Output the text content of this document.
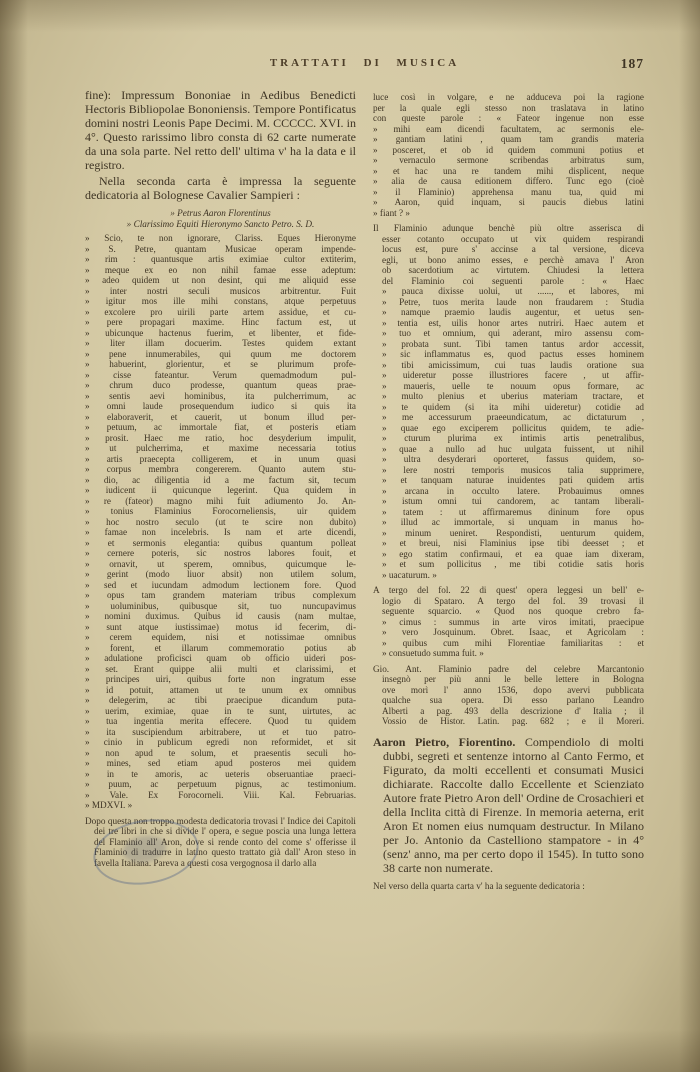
TRATTATI DI MUSICA	187

fine): Impressum Bononiae in Aedibus Benedicti Hectoris Bibliopolae Bononiensis. Tempore Pontificatus domini nostri Leonis Pape Decimi. M. CCCCC. XVI. in 4°. Questo rarissimo libro consta di 62 carte numerate da una sola parte. Nel retto dell' ultima v' ha la data e il registro.

Nella seconda carta è impressa la seguente dedicatoria al Bolognese Cavalier Sampieri :

» Petrus Aaron Florentinus
» Clarissimo Equiti Hieronymo Sancto Petro. S. D.
» Scio, te non ignorare, Clariss. Eques Hieronyme
» S. Petre, quantam Musicae operam impende-
» rim : quantusque artis eximiae cultor extiterim,
» meque ex eo non nihil famae esse adeptum:
» adeo quidem ut non desint, qui me aliquid esse
» inter nostri seculi musicos arbitrentur. Fuit
» igitur mos ille mihi constans, atque perpetuus
» excolere pro uirili parte artem assidue, et cu-
» pere propagari maxime. Hinc factum est, ut
» ubicunque hactenus fuerim, et libenter, et fide-
» liter illam docuerim. Testes quidem extant
» pene innumerabiles, qui quum me doctorem
» habuerint, glorientur, et se plurimum profe-
» cisse fateantur. Verum quemadmodum pul-
» chrum duco prodesse, quantum queas prae-
» sentis aevi hominibus, ita pulcherrimum, ac
» omni laude prosequendum iudico si quis ita
» elaboraverit, et cauerit, ut bonum illud per-
» petuum, ac immortale fiat, et posteris etiam
» prosit. Haec me ratio, hoc desyderium impulit,
» ut pulcherrima, et maxime necessaria totius
» artis praecepta colligerem, et in unum quasi
» corpus membra congererem. Quanto autem stu-
» dio, ac diligentia id a me factum sit, tecum
» iudicent ii quicunque legerint. Qua quidem in
» re (fateor) magno mihi fuit adiumento Jo. An-
» tonius Flaminius Forocorneliensis, uir quidem
» hoc nostro seculo (ut te scire non dubito)
» famae non incelebris. Is nam et arte dicendi,
» et sermonis elegantia: quibus quantum polleat
» cernere poteris, sic nostros labores fouit, et
» ornavit, ut sperem, omnibus, quicumque le-
» gerint (modo liuor absit) non utilem solum,
» sed et iucundam admodum lectionem fore. Quod
» opus tam grandem materiam tribus complexum
» uoluminibus, quibusque sit, tuo nuncupavimus
» nomini duximus. Quibus id causis (nam multae,
» sunt atque iustissimae) motus id fecerim, di-
» cerem equidem, nisi et notissimae omnibus
» forent, et illarum commemoratio potius ab
» adulatione proficisci quam ob officio uideri pos-
» set. Erant quippe alii multi et clarissimi, et
» principes uiri, quibus forte non ingratum esse
» id potuit, attamen ut te unum ex omnibus
» delegerim, ac tibi praecipue dicandum puta-
» uerim, eximiae, quae in te sunt, uirtutes, ac
» tua ingentia merita effecere. Quod tu quidem
» ita suscipiendum arbitrabere, ut et tuo patro-
» cinio in publicum egredi non reformidet, et sit
» non apud te solum, et praesentis seculi ho-
» mines, sed etiam apud posteros mei quidem
» in te amoris, ac ueteris obseruantiae praeci-
» puum, ac perpetuum pignus, ac testimonium.
» Vale. Ex Forocorneli. Viii. Kal. Februarias.
» MDXVI. »

Dopo questa non troppo modesta dedicatoria trovasi l' Indice dei Capitoli dei tre libri in che si divide l' opera, e segue poscia una lunga lettera del Flaminio all' Aron, dove si rende conto del come s' offerisse il Flaminio di tradurre in latino questo trattato già dall' Aron steso in favella Italiana. Pareva a questi cosa vergognosa il darlo alla

luce così in volgare, e ne adduceva poi la ragione
per la quale egli stesso non traslatava in latino
con queste parole : « Fateor ingenue non esse
» mihi eam dicendi facultatem, ac sermonis ele-
» gantiam latini , quam tam grandis materia
» posceret, et ob id quidem communi potius et
» vernaculo sermone scribendas arbitratus sum,
» et hac una re tandem mihi displicent, neque
» alia de causa editionem differo. Tunc ego (cioè
» il Flaminio) apprehensa manu tua, quid mi
» Aaron, quid inquam, si paucis diebus latini
» fiant ? »
Il Flaminio adunque benchè più oltre asserisca di
esser cotanto occupato ut vix quidem respirandi
locus est, pure s' accinse a tal versione, diceva
egli, ut bono animo esses, e perchè amava l' Aron
ob sacerdotium ac virtutem. Chiudesi la lettera
del Flaminio coi seguenti parole : « Haec
» pauca dixisse uolui, ut ......, et labores, mi
» Petre, tuos merita laude non fraudarem : Studia
» namque praemio laudis augentur, et uetus sen-
» tentia est, uilis honor artes nutriri. Haec autem et
» tuo et omnium, qui aderant, miro assensu com-
» probata sunt. Tibi tamen tantus ardor accessit,
» sic inflammatus es, quod pactus esses hominem
» tibi amicissimum, cui tuas laudis oratione sua
» uideretur posse illustriores facere , ut affir-
» maueris, uelle te nouum opus formare, ac
» multo plenius et uberius materiam tractare, et
» te quidem (si ita mihi uideretur) cotidie ad
» me accessurum praeeundicatum, ac dictaturum ,
» quae ego exciperem pollicitus quidem, te adie-
» cturum plurima ex intimis artis penetralibus,
» quae a nullo ad huc uulgata fuissent, ut nihil
» ultra desyderari oporteret, fassus quidem, so-
» lere nostri temporis musicos talia supprimere,
» et tanquam naturae inuidentes pati quidem artis
» arcana in occulto latere. Probauimus omnes
» istum omni tui candorem, ac tantam liberali-
» tatem : ut affirmaremus dininum fore opus
» illud ac immortale, si unquam in manus ho-
» minum ueniret. Respondisti, uenturum quidem,
» et breui, nisi Flaminius ipse tibi deesset ; et
» ego statim confirmaui, et ea quae iam dixeram,
» et sum pollicitus , me tibi cotidie satis horis
» uacaturum. »
A tergo del fol. 22 di quest' opera leggesi un bell' e-
logio di Spataro. A tergo del fol. 39 trovasi il
seguente squarcio. « Quod nos quoque crebro fa-
» cimus : summus in arte viros imitati, praecipue
» vero Josquinum. Obret. Isaac, et Agricolam :
» quibus cum mihi Florentiae familiaritas : et
» consuetudo summa fuit. »
Gio. Ant. Flaminio padre del celebre Marcantonio
insegnò per più anni le belle lettere in Bologna
ove morì l' anno 1536, dopo avervi pubblicata
qualche sua opera. Di esso parlano Leandro
Alberti a pag. 493 della descrizione d' Italia ; il
Vossio de Histor. Latin. pag. 682 ; e il Moreri.

Aaron Pietro, Fiorentino. Compendiolo di molti dubbi, segreti et sentenze intorno al Canto Fermo, et Figurato, da molti eccellenti et consumati Musici dichiarate. Raccolte dallo Eccellente et Scienziato Autore frate Pietro Aron dell' Ordine de Crosachieri et della Inclita città di Firenze. In memoria aeterna, erit Aron Et nomen eius numquam destructur. In Milano per Jo. Antonio da Castelliono stampatore - in 4° (senz' anno, ma per certo dopo il 1545). In tutto sono 38 carte non numerate.

Nel verso della quarta carta v' ha la seguente dedicatoria :
